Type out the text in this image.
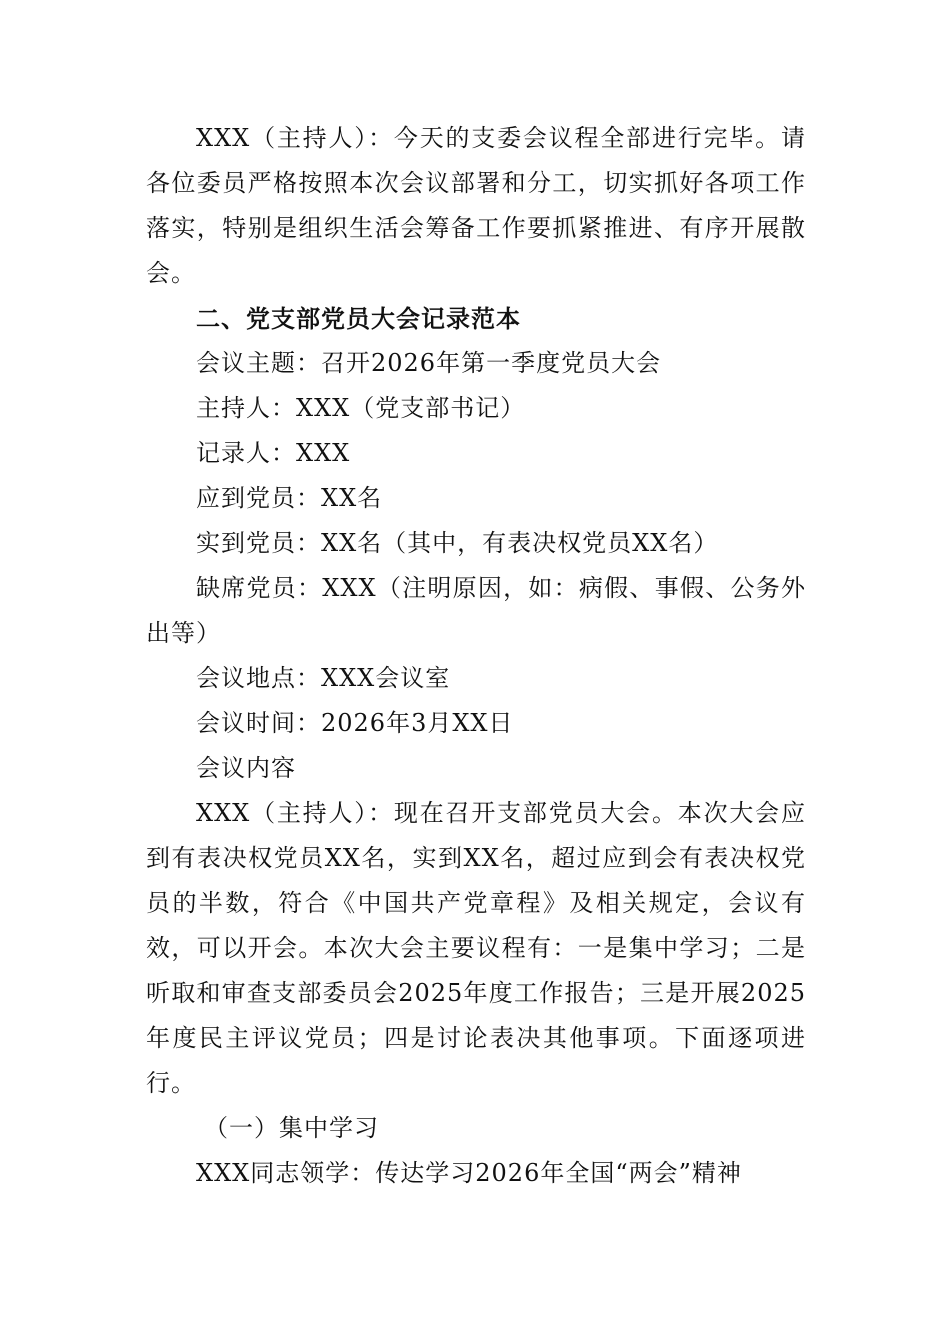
XXX（主持人）：今天的支委会议程全部进行完毕。请各位委员严格按照本次会议部署和分工，切实抓好各项工作落实，特别是组织生活会筹备工作要抓紧推进、有序开展散会。

二、党支部党员大会记录范本

会议主题：召开2026年第一季度党员大会

主持人：XXX（党支部书记）

记录人：XXX

应到党员：XX名

实到党员：XX名（其中，有表决权党员XX名）

缺席党员：XXX（注明原因，如：病假、事假、公务外出等）

会议地点：XXX会议室

会议时间：2026年3月XX日

会议内容

XXX（主持人）：现在召开支部党员大会。本次大会应到有表决权党员XX名，实到XX名，超过应到会有表决权党员的半数，符合《中国共产党章程》及相关规定，会议有效，可以开会。本次大会主要议程有：一是集中学习；二是听取和审查支部委员会2025年度工作报告；三是开展2025年度民主评议党员；四是讨论表决其他事项。下面逐项进行。

（一）集中学习

XXX同志领学：传达学习2026年全国“两会”精神
